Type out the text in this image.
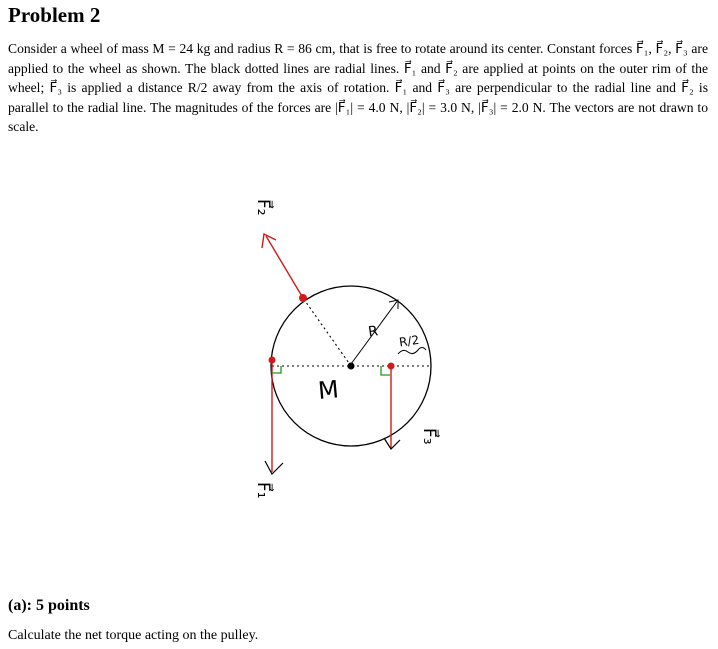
Problem 2

Consider a wheel of mass M = 24 kg and radius R = 86 cm, that is free to rotate around its center. Constant forces F⃗₁, F⃗₂, F⃗₃ are applied to the wheel as shown. The black dotted lines are radial lines. F⃗₁ and F⃗₂ are applied at points on the outer rim of the wheel; F⃗₃ is applied a distance R/2 away from the axis of rotation. F⃗₁ and F⃗₃ are perpendicular to the radial line and F⃗₂ is parallel to the radial line. The magnitudes of the forces are |F⃗₁| = 4.0 N, |F⃗₂| = 3.0 N, |F⃗₃| = 2.0 N. The vectors are not drawn to scale.

R
R/2
M
F⃗₂
F⃗₁
F⃗₃
(a): 5 points

Calculate the net torque acting on the pulley.
